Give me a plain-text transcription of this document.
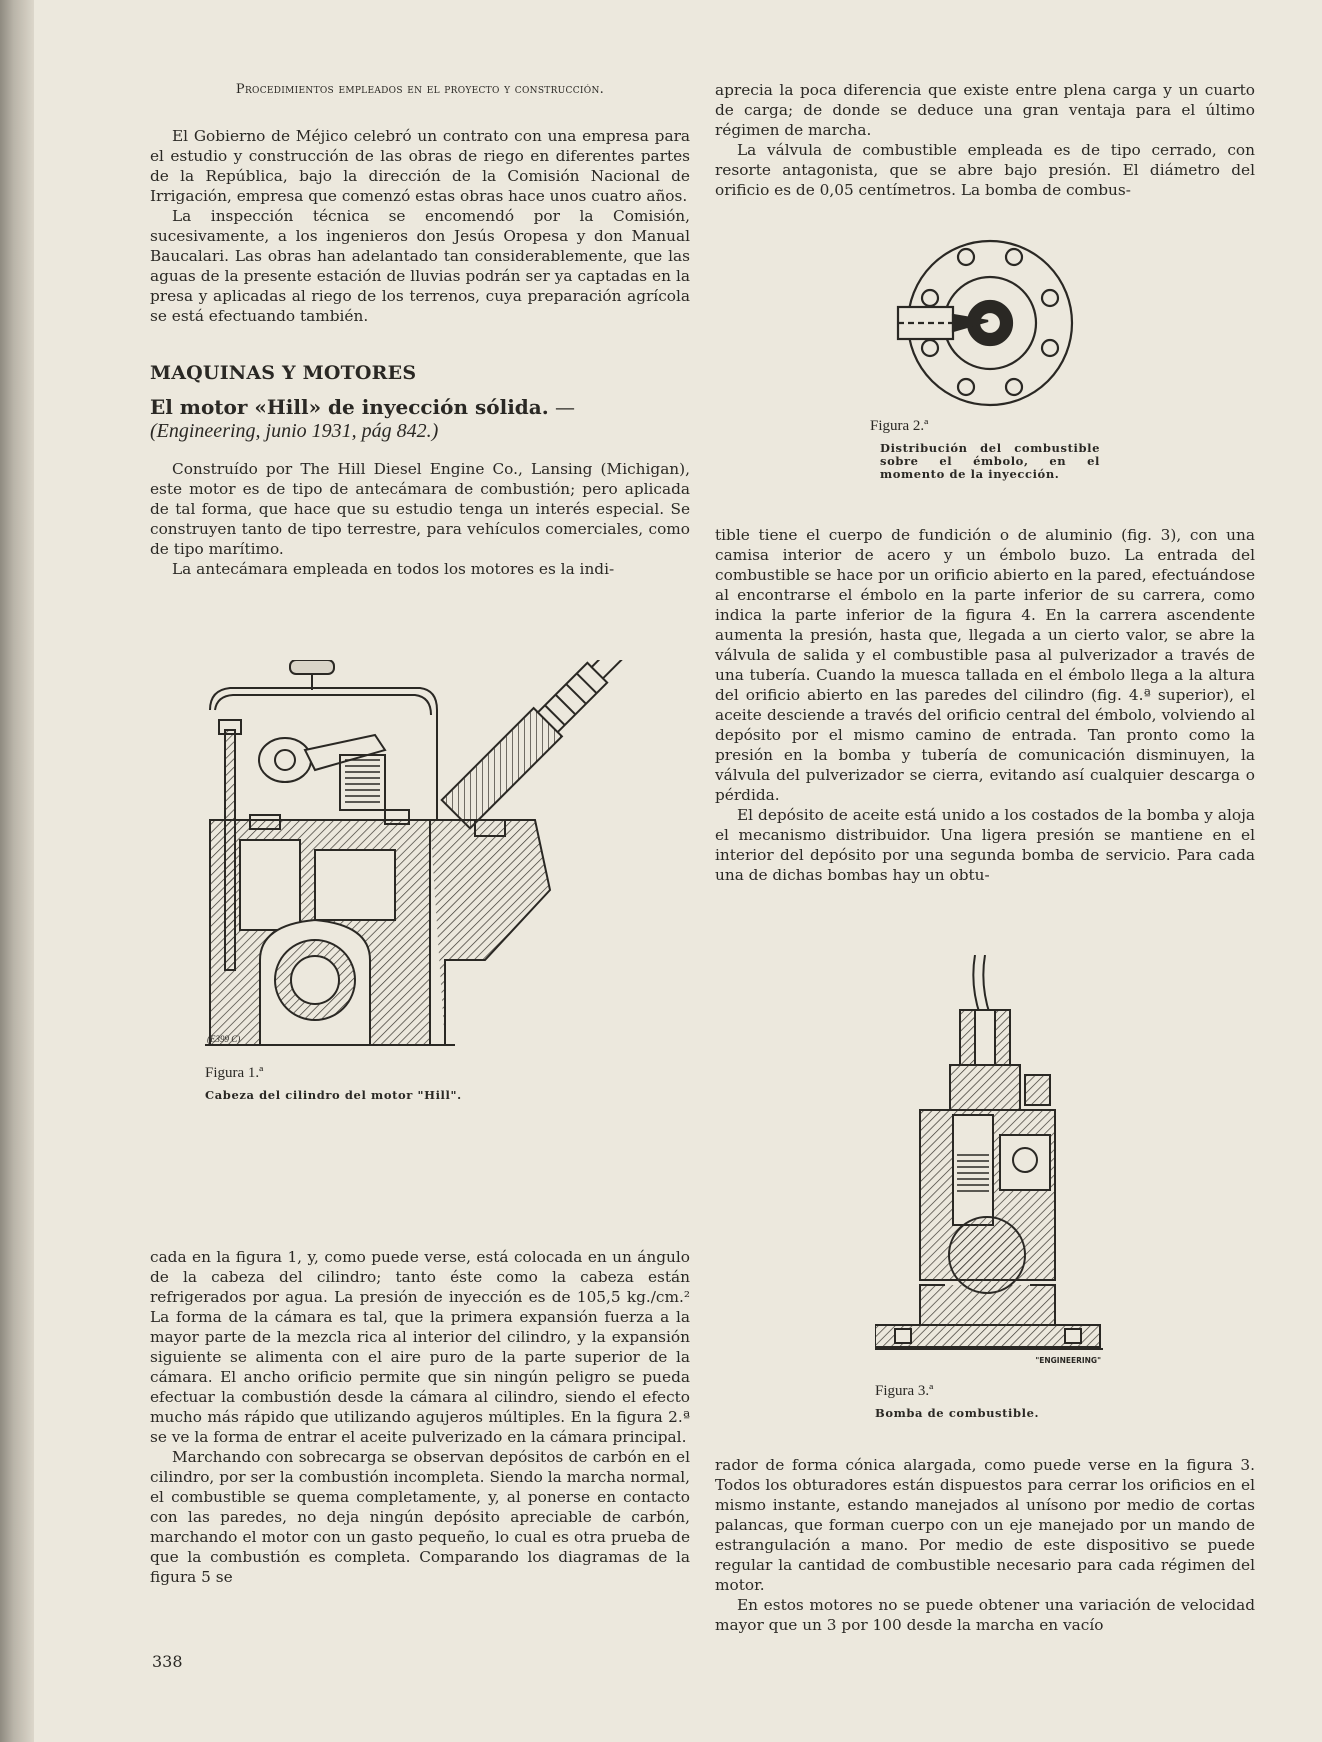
Procedimientos empleados en el proyecto y construcción.

El Gobierno de Méjico celebró un contrato con una empresa para el estudio y construcción de las obras de riego en diferentes partes de la República, bajo la dirección de la Comisión Nacional de Irrigación, empresa que comenzó estas obras hace unos cuatro años.

La inspección técnica se encomendó por la Comisión, sucesivamente, a los ingenieros don Jesús Oropesa y don Manual Baucalari. Las obras han adelantado tan considerablemente, que las aguas de la presente estación de lluvias podrán ser ya captadas en la presa y aplicadas al riego de los terrenos, cuya preparación agrícola se está efectuando también.

MAQUINAS Y MOTORES

El motor «Hill» de inyección sólida. — (Engineering, junio 1931, pág 842.)

Construído por The Hill Diesel Engine Co., Lansing (Michigan), este motor es de tipo de antecámara de combustión; pero aplicada de tal forma, que hace que su estudio tenga un interés especial. Se construyen tanto de tipo terrestre, para vehículos comerciales, como de tipo marítimo.

La antecámara empleada en todos los motores es la indi-

(E399 C)

Figura 1.ª

Cabeza del cilindro del motor "Hill".

cada en la figura 1, y, como puede verse, está colocada en un ángulo de la cabeza del cilindro; tanto éste como la cabeza están refrigerados por agua. La presión de inyección es de 105,5 kg./cm.² La forma de la cámara es tal, que la primera expansión fuerza a la mayor parte de la mezcla rica al interior del cilindro, y la expansión siguiente se alimenta con el aire puro de la parte superior de la cámara. El ancho orificio permite que sin ningún peligro se pueda efectuar la combustión desde la cámara al cilindro, siendo el efecto mucho más rápido que utilizando agujeros múltiples. En la figura 2.ª se ve la forma de entrar el aceite pulverizado en la cámara principal.

Marchando con sobrecarga se observan depósitos de carbón en el cilindro, por ser la combustión incompleta. Siendo la marcha normal, el combustible se quema completamente, y, al ponerse en contacto con las paredes, no deja ningún depósito apreciable de carbón, marchando el motor con un gasto pequeño, lo cual es otra prueba de que la combustión es completa. Comparando los diagramas de la figura 5 se

aprecia la poca diferencia que existe entre plena carga y un cuarto de carga; de donde se deduce una gran ventaja para el último régimen de marcha.

La válvula de combustible empleada es de tipo cerrado, con resorte antagonista, que se abre bajo presión. El diámetro del orificio es de 0,05 centímetros. La bomba de combus-

Figura 2.ª

Distribución del combustible sobre el émbolo, en el momento de la inyección.

tible tiene el cuerpo de fundición o de aluminio (fig. 3), con una camisa interior de acero y un émbolo buzo. La entrada del combustible se hace por un orificio abierto en la pared, efectuándose al encontrarse el émbolo en la parte inferior de su carrera, como indica la parte inferior de la figura 4. En la carrera ascendente aumenta la presión, hasta que, llegada a un cierto valor, se abre la válvula de salida y el combustible pasa al pulverizador a través de una tubería. Cuando la muesca tallada en el émbolo llega a la altura del orificio abierto en las paredes del cilindro (fig. 4.ª superior), el aceite desciende a través del orificio central del émbolo, volviendo al depósito por el mismo camino de entrada. Tan pronto como la presión en la bomba y tubería de comunicación disminuyen, la válvula del pulverizador se cierra, evitando así cualquier descarga o pérdida.

El depósito de aceite está unido a los costados de la bomba y aloja el mecanismo distribuidor. Una ligera presión se mantiene en el interior del depósito por una segunda bomba de servicio. Para cada una de dichas bombas hay un obtu-

"ENGINEERING"

Figura 3.ª

Bomba de combustible.

rador de forma cónica alargada, como puede verse en la figura 3. Todos los obturadores están dispuestos para cerrar los orificios en el mismo instante, estando manejados al unísono por medio de cortas palancas, que forman cuerpo con un eje manejado por un mando de estrangulación a mano. Por medio de este dispositivo se puede regular la cantidad de combustible necesario para cada régimen del motor.

En estos motores no se puede obtener una variación de velocidad mayor que un 3 por 100 desde la marcha en vacío

338
